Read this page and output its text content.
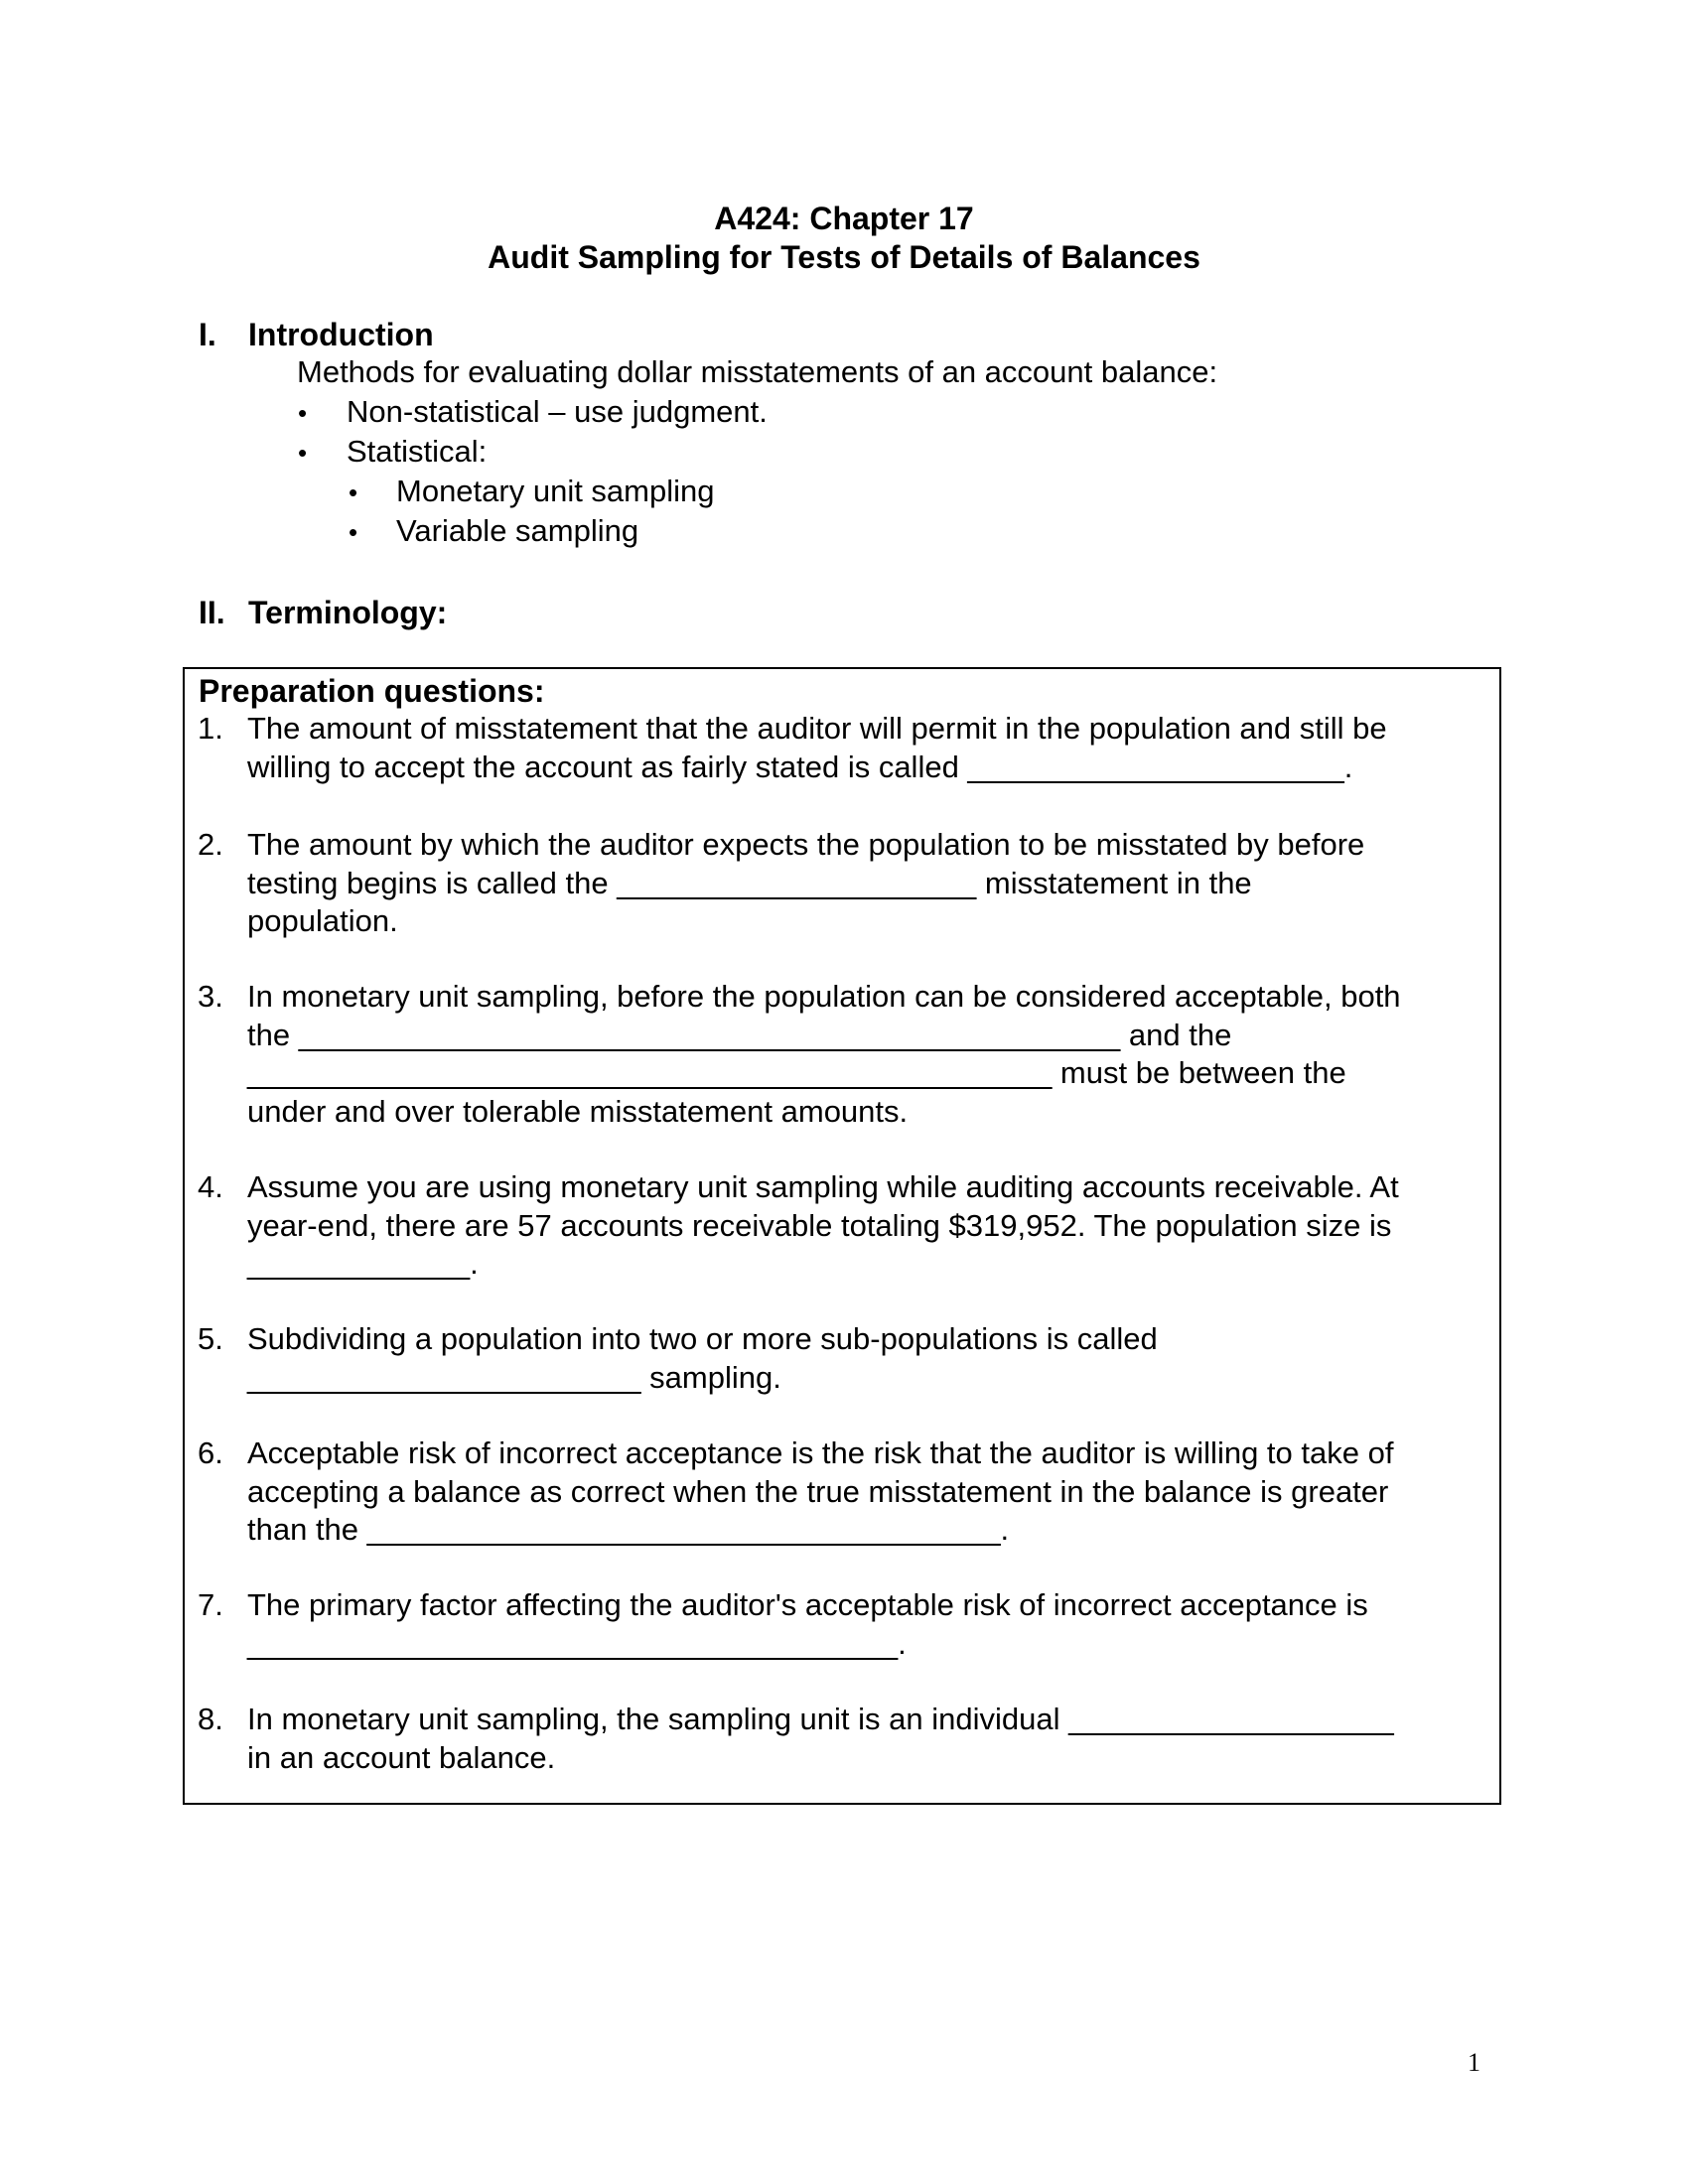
A424: Chapter 17
Audit Sampling for Tests of Details of Balances
I. Introduction
Methods for evaluating dollar misstatements of an account balance:
• Non-statistical – use judgment.
• Statistical:
• Monetary unit sampling
• Variable sampling
II. Terminology:
Preparation questions:
1. The amount of misstatement that the auditor will permit in the population and still be
willing to accept the account as fairly stated is called ______________________.
2. The amount by which the auditor expects the population to be misstated by before
testing begins is called the _____________________ misstatement in the
population.
3. In monetary unit sampling, before the population can be considered acceptable, both
the ________________________________________________ and the
_______________________________________________ must be between the
under and over tolerable misstatement amounts.
4. Assume you are using monetary unit sampling while auditing accounts receivable. At
year-end, there are 57 accounts receivable totaling $319,952. The population size is
_____________.
5. Subdividing a population into two or more sub-populations is called
_______________________ sampling.
6. Acceptable risk of incorrect acceptance is the risk that the auditor is willing to take of
accepting a balance as correct when the true misstatement in the balance is greater
than the _____________________________________.
7. The primary factor affecting the auditor's acceptable risk of incorrect acceptance is
______________________________________.
8. In monetary unit sampling, the sampling unit is an individual ___________________
in an account balance.
1
